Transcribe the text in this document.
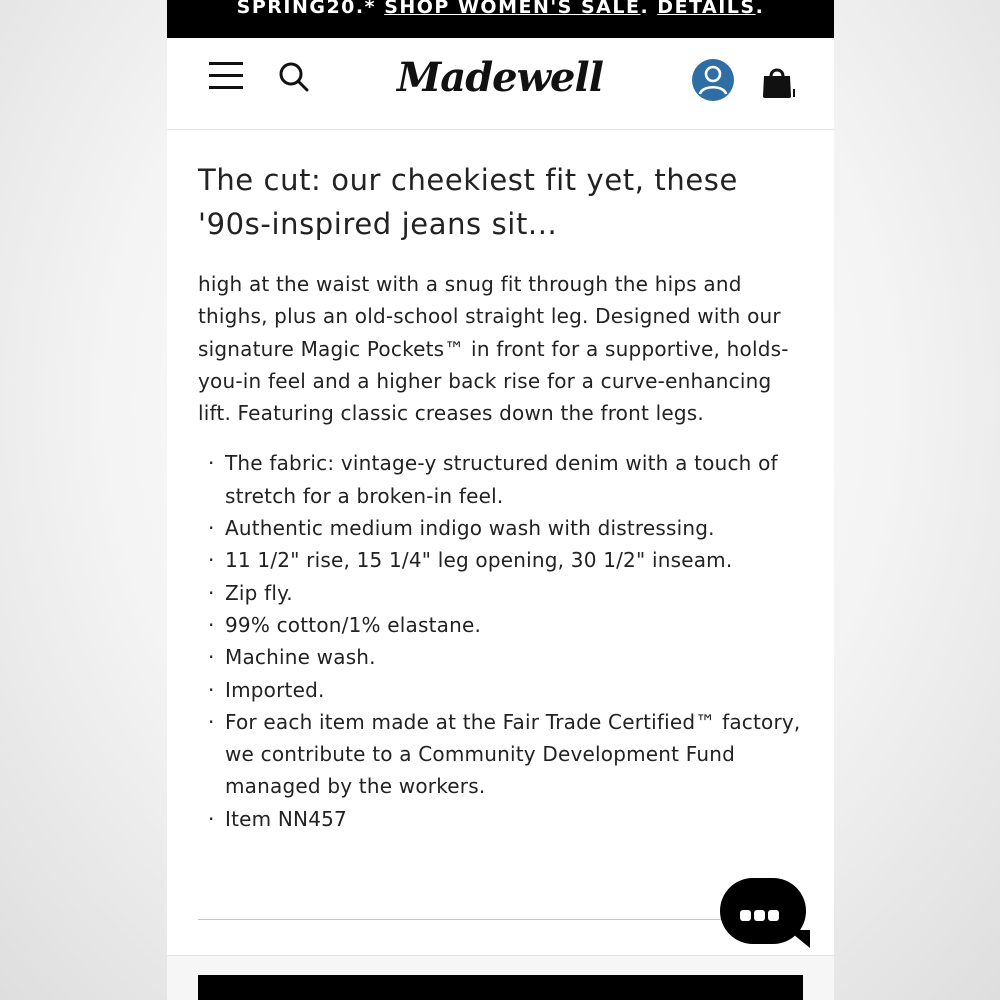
SPRING20.* SHOP WOMEN'S SALE. DETAILS.
Madewell
The cut: our cheekiest fit yet, these '90s-inspired jeans sit...

high at the waist with a snug fit through the hips and thighs, plus an old-school straight leg. Designed with our signature Magic Pockets™ in front for a supportive, holds-you-in feel and a higher back rise for a curve-enhancing lift. Featuring classic creases down the front legs.

· The fabric: vintage-y structured denim with a touch of stretch for a broken-in feel.
· Authentic medium indigo wash with distressing.
· 11 1/2" rise, 15 1/4" leg opening, 30 1/2" inseam.
· Zip fly.
· 99% cotton/1% elastane.
· Machine wash.
· Imported.
· For each item made at the Fair Trade Certified™ factory, we contribute to a Community Development Fund managed by the workers.
· Item NN457
